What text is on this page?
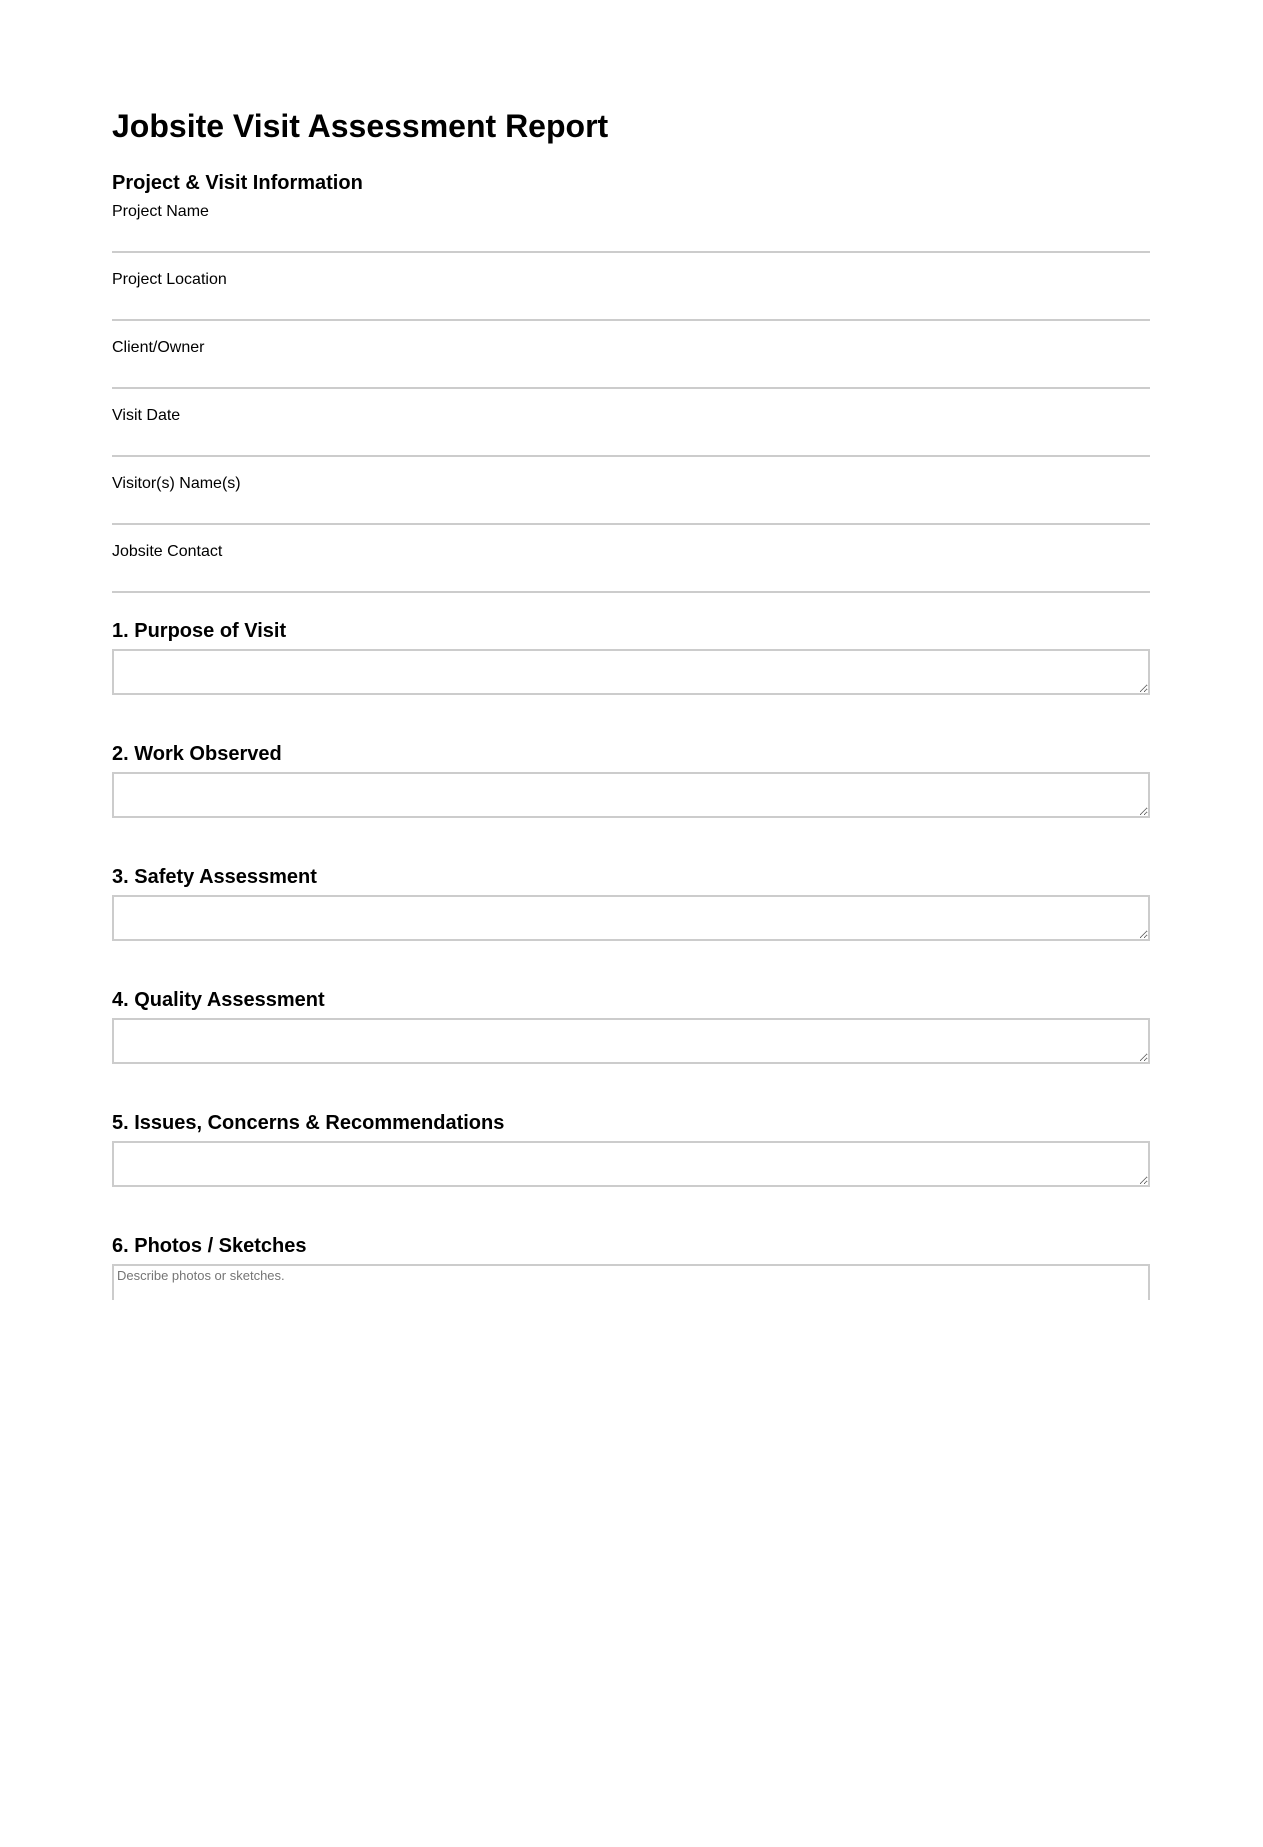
Jobsite Visit Assessment Report
Project & Visit Information
Project Name
Project Location
Client/Owner
Visit Date
Visitor(s) Name(s)
Jobsite Contact
1. Purpose of Visit
2. Work Observed
3. Safety Assessment
4. Quality Assessment
5. Issues, Concerns & Recommendations
6. Photos / Sketches
Describe photos or sketches.
